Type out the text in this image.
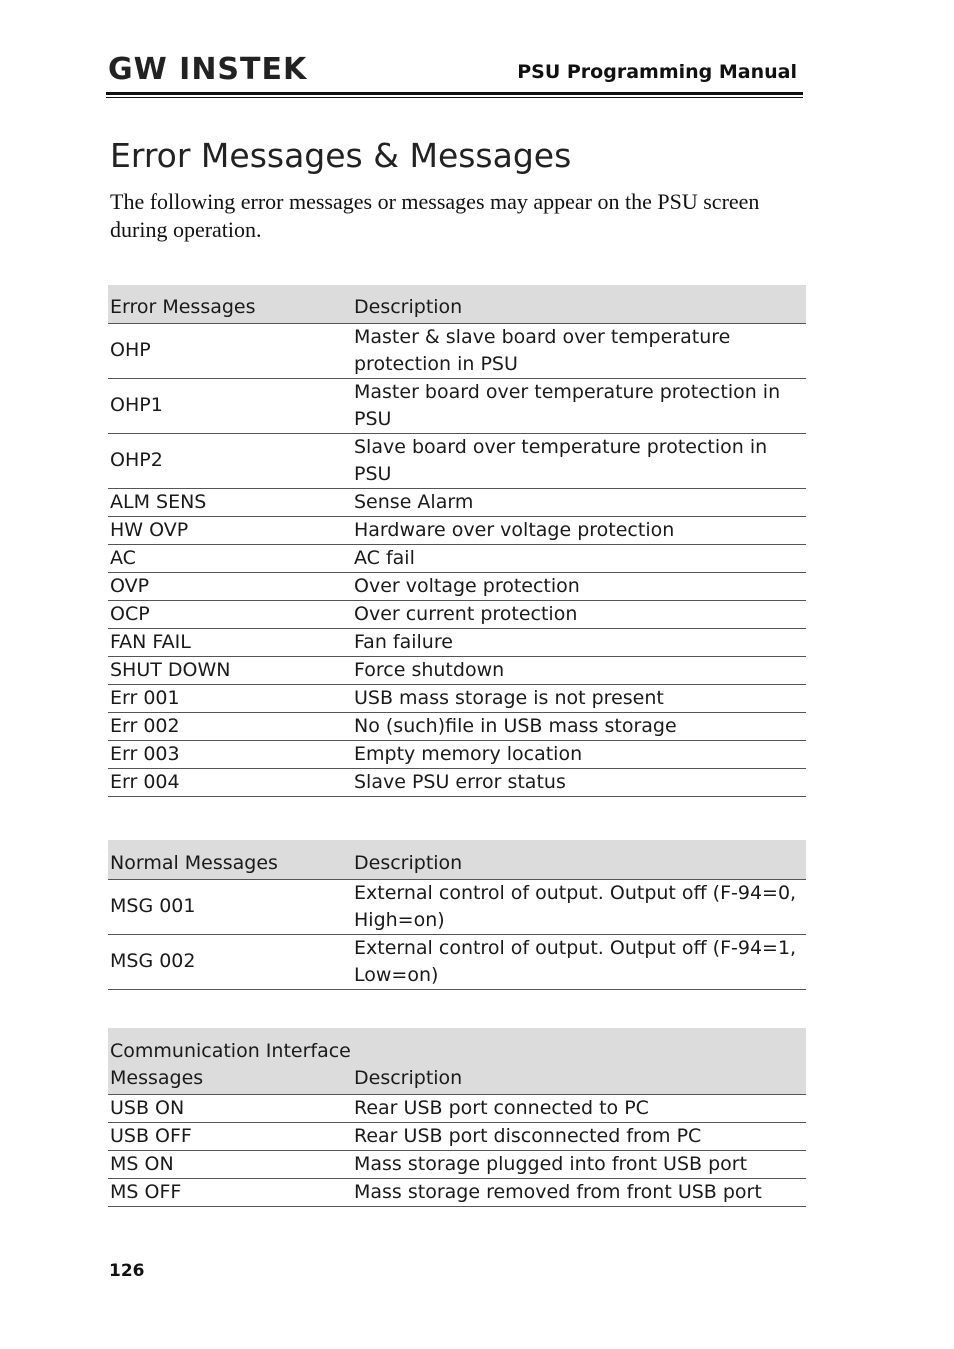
GW INSTEK	PSU Programming Manual
Error Messages & Messages

The following error messages or messages may appear on the PSU screen during operation.

Error Messages	Description
OHP	Master & slave board over temperature protection in PSU
OHP1	Master board over temperature protection in PSU
OHP2	Slave board over temperature protection in PSU
ALM SENS	Sense Alarm
HW OVP	Hardware over voltage protection
AC	AC fail
OVP	Over voltage protection
OCP	Over current protection
FAN FAIL	Fan failure
SHUT DOWN	Force shutdown
Err 001	USB mass storage is not present
Err 002	No (such)file in USB mass storage
Err 003	Empty memory location
Err 004	Slave PSU error status
Normal Messages	Description
MSG 001	External control of output. Output off (F-94=0, High=on)
MSG 002	External control of output. Output off (F-94=1, Low=on)
Communication Interface Messages	Description
USB ON	Rear USB port connected to PC
USB OFF	Rear USB port disconnected from PC
MS ON	Mass storage plugged into front USB port
MS OFF	Mass storage removed from front USB port
126
